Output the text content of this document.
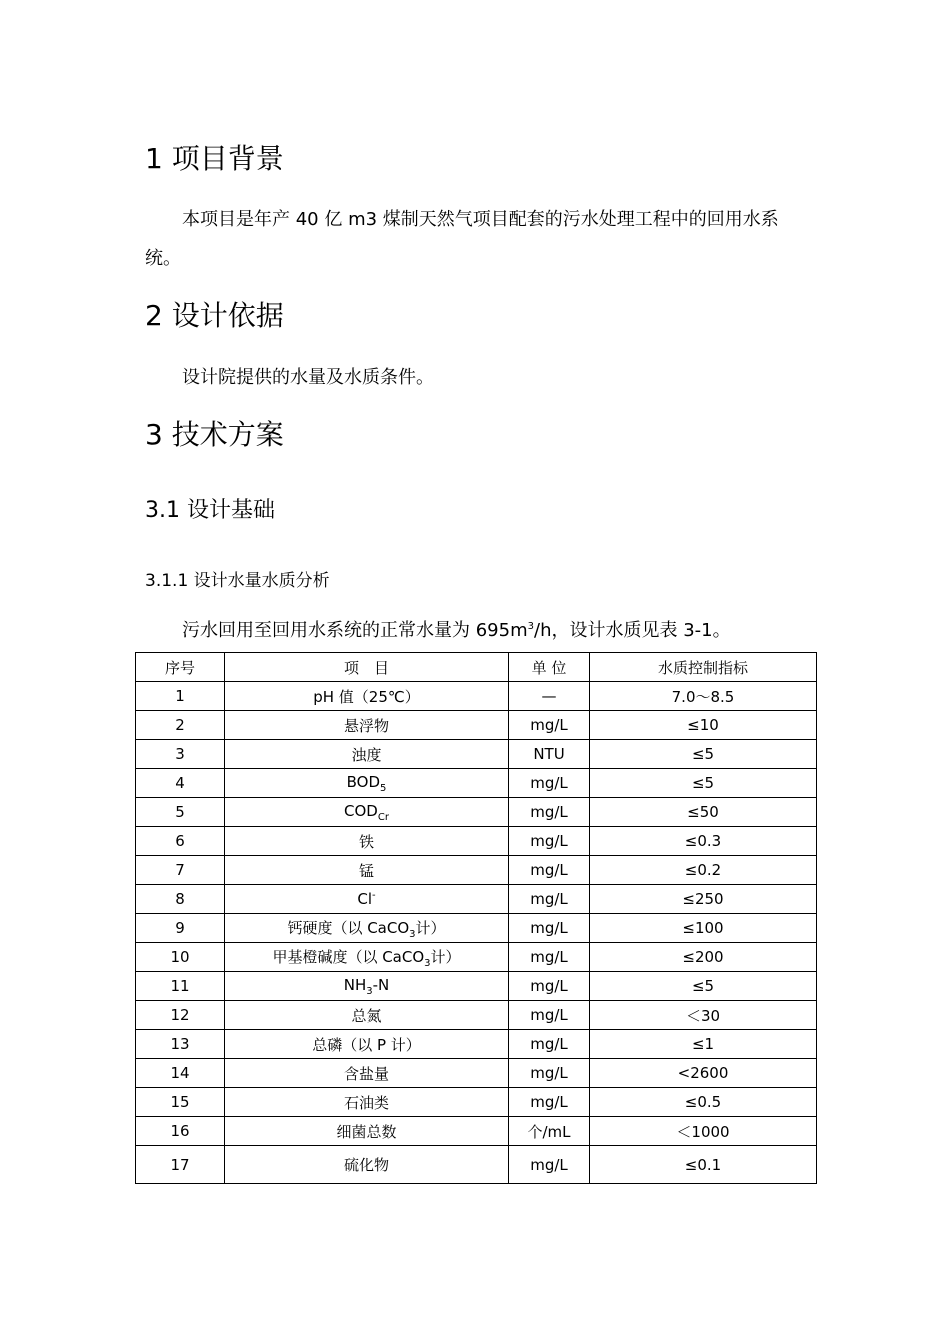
1 项目背景

本项目是年产 40 亿 m3 煤制天然气项目配套的污水处理工程中的回用水系

统。

2 设计依据

设计院提供的水量及水质条件。

3 技术方案
3.1 设计基础
3.1.1 设计水量水质分析

污水回用至回用水系统的正常水量为 $695m^3/h$，设计水质见表 3-1。

序号	项　目	单 位	水质控制指标
1	pH 值（25℃）	—	7.0～8.5
2	悬浮物	mg/L	≤10
3	浊度	NTU	≤5
4	$BOD_5$	mg/L	≤5
5	$COD_{Cr}$	mg/L	≤50
6	铁	mg/L	≤0.3
7	锰	mg/L	≤0.2
8	Cl-	mg/L	≤250
9	钙硬度（以 CaCO$_3$计）	mg/L	≤100
10	甲基橙碱度（以 CaCO$_3$计）	mg/L	≤200
11	$NH_3-N$	mg/L	≤5
12	总氮	mg/L	＜30
13	总磷（以 P 计）	mg/L	≤1
14	含盐量	mg/L	<2600
15	石油类	mg/L	≤0.5
16	细菌总数	个/mL	＜1000
17	硫化物	mg/L	≤0.1
